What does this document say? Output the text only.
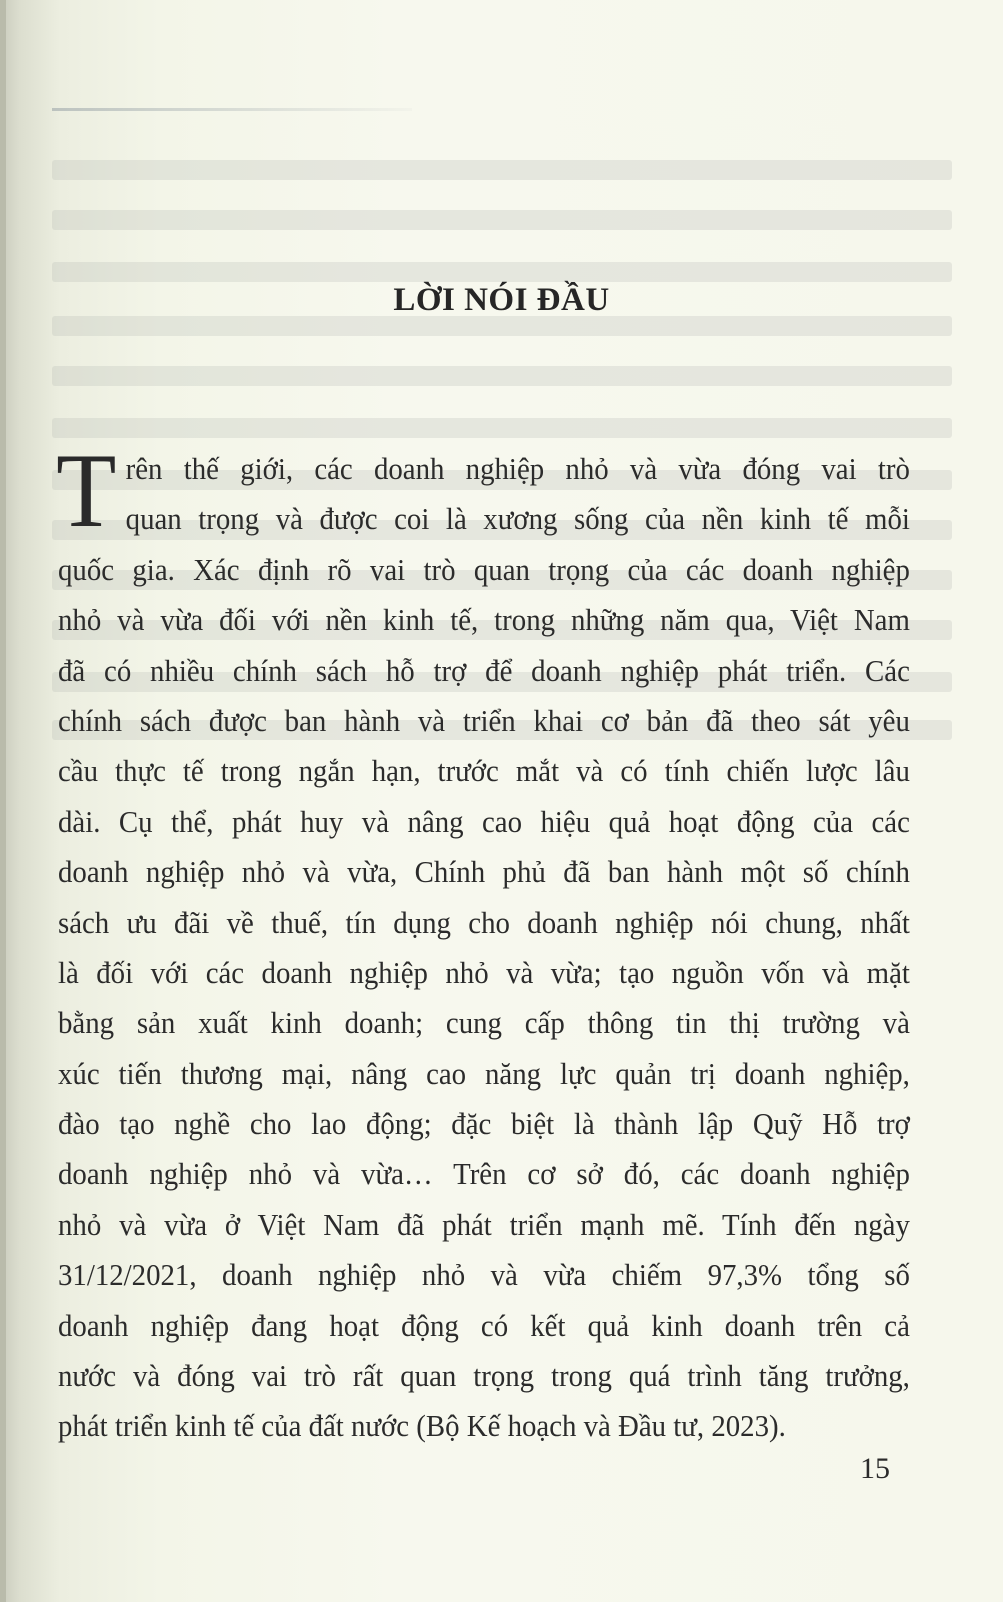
LỜI NÓI ĐẦU
T rên thế giới, các doanh nghiệp nhỏ và vừa đóng vai trò
quan trọng và được coi là xương sống của nền kinh tế mỗi
quốc gia. Xác định rõ vai trò quan trọng của các doanh nghiệp
nhỏ và vừa đối với nền kinh tế, trong những năm qua, Việt Nam
đã có nhiều chính sách hỗ trợ để doanh nghiệp phát triển. Các
chính sách được ban hành và triển khai cơ bản đã theo sát yêu
cầu thực tế trong ngắn hạn, trước mắt và có tính chiến lược lâu
dài. Cụ thể, phát huy và nâng cao hiệu quả hoạt động của các
doanh nghiệp nhỏ và vừa, Chính phủ đã ban hành một số chính
sách ưu đãi về thuế, tín dụng cho doanh nghiệp nói chung, nhất
là đối với các doanh nghiệp nhỏ và vừa; tạo nguồn vốn và mặt
bằng sản xuất kinh doanh; cung cấp thông tin thị trường và
xúc tiến thương mại, nâng cao năng lực quản trị doanh nghiệp,
đào tạo nghề cho lao động; đặc biệt là thành lập Quỹ Hỗ trợ
doanh nghiệp nhỏ và vừa… Trên cơ sở đó, các doanh nghiệp
nhỏ và vừa ở Việt Nam đã phát triển mạnh mẽ. Tính đến ngày
31/12/2021, doanh nghiệp nhỏ và vừa chiếm 97,3% tổng số
doanh nghiệp đang hoạt động có kết quả kinh doanh trên cả
nước và đóng vai trò rất quan trọng trong quá trình tăng trưởng,
phát triển kinh tế của đất nước (Bộ Kế hoạch và Đầu tư, 2023).
15
